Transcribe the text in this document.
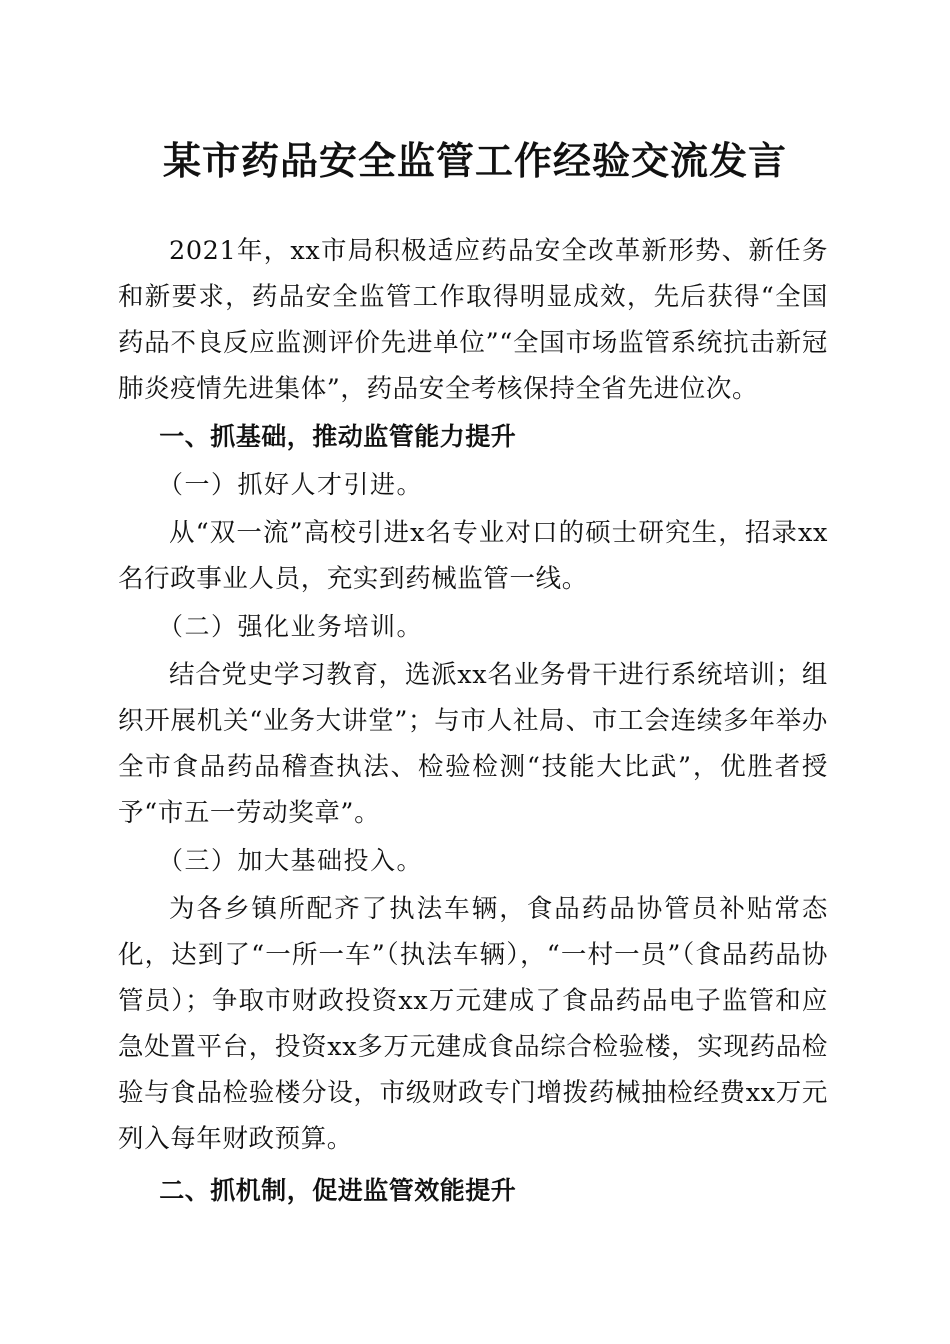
某市药品安全监管工作经验交流发言

2021年，xx市局积极适应药品安全改革新形势、新任务和新要求，药品安全监管工作取得明显成效，先后获得“全国药品不良反应监测评价先进单位”“全国市场监管系统抗击新冠肺炎疫情先进集体”，药品安全考核保持全省先进位次。

一、抓基础，推动监管能力提升

（一）抓好人才引进。

从“双一流”高校引进x名专业对口的硕士研究生，招录xx名行政事业人员，充实到药械监管一线。

（二）强化业务培训。

结合党史学习教育，选派xx名业务骨干进行系统培训；组织开展机关“业务大讲堂”；与市人社局、市工会连续多年举办全市食品药品稽查执法、检验检测“技能大比武”，优胜者授予“市五一劳动奖章”。

（三）加大基础投入。

为各乡镇所配齐了执法车辆，食品药品协管员补贴常态化，达到了“一所一车”（执法车辆），“一村一员”（食品药品协管员）；争取市财政投资xx万元建成了食品药品电子监管和应急处置平台，投资xx多万元建成食品综合检验楼，实现药品检验与食品检验楼分设，市级财政专门增拨药械抽检经费xx万元列入每年财政预算。

二、抓机制，促进监管效能提升
